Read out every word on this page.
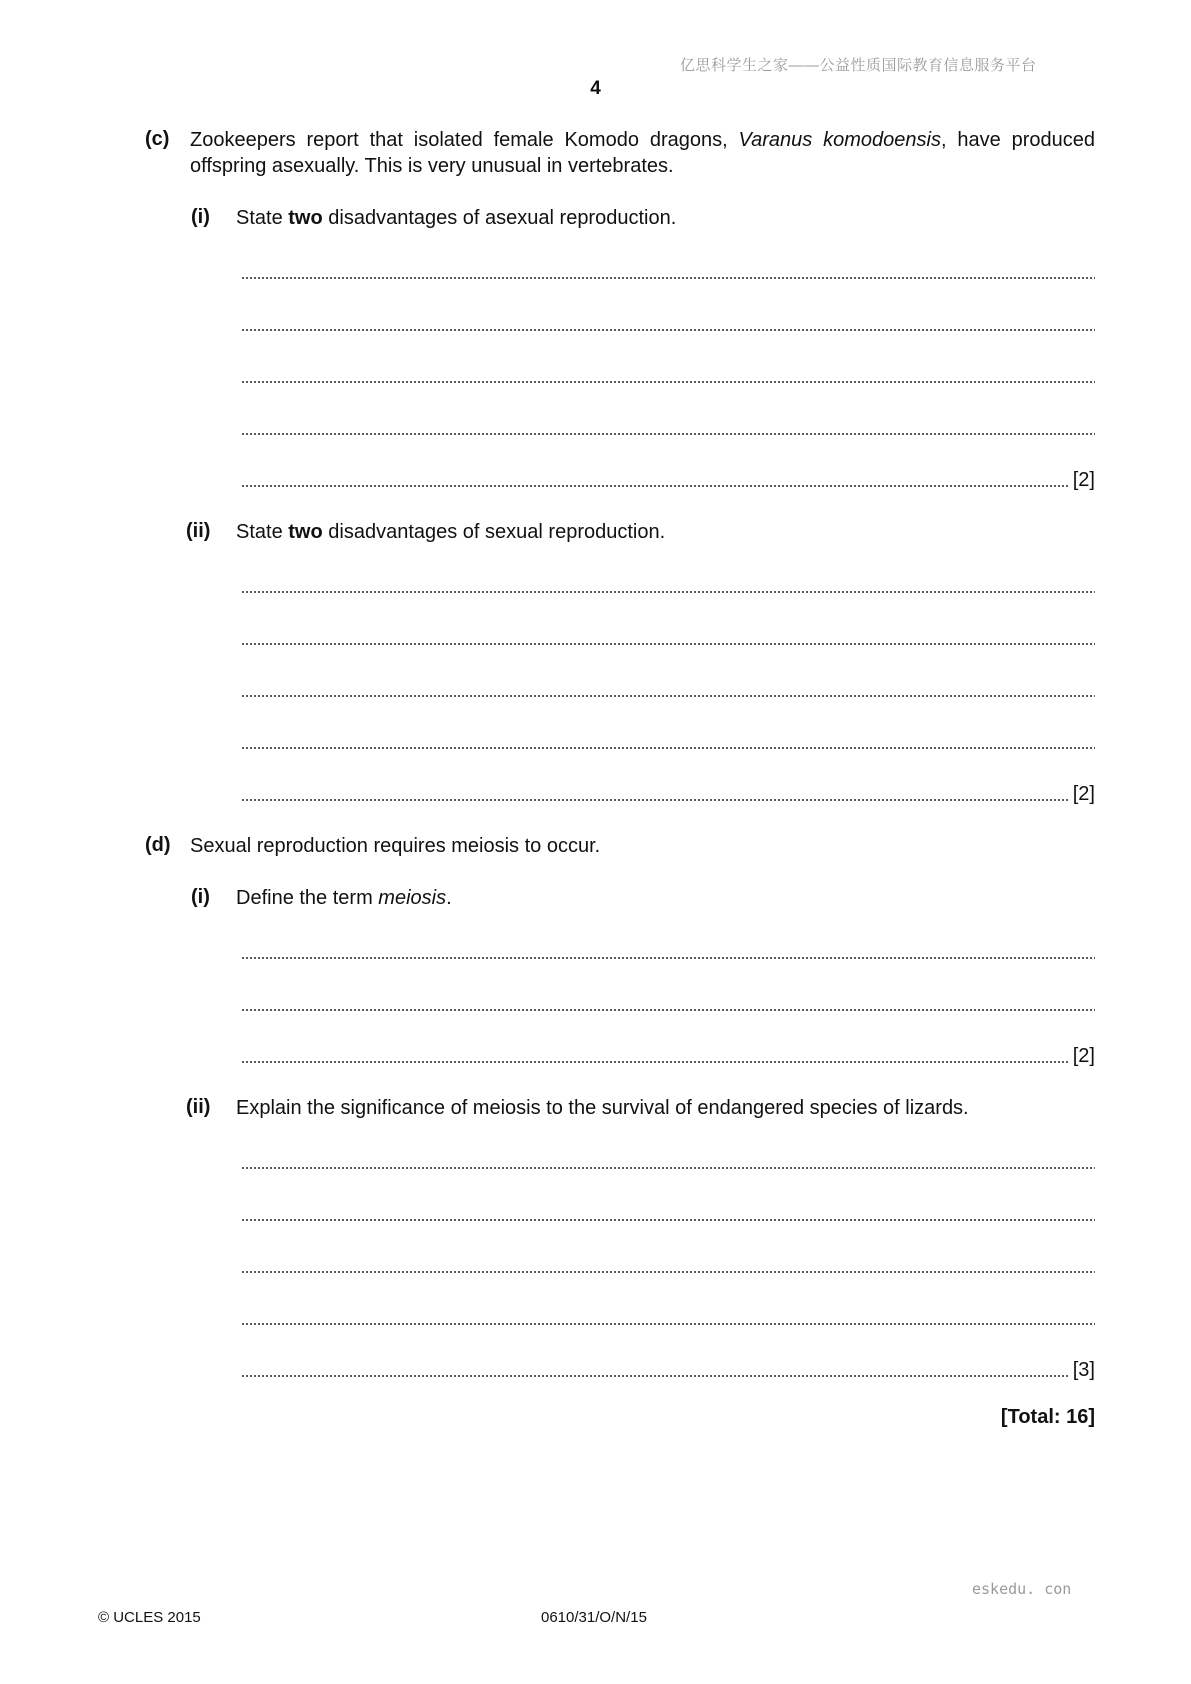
亿思科学生之家——公益性质国际教育信息服务平台
4
(c) Zookeepers report that isolated female Komodo dragons, Varanus komodoensis, have produced offspring asexually. This is very unusual in vertebrates.
(i) State two disadvantages of asexual reproduction.
[2]
(ii) State two disadvantages of sexual reproduction.
[2]
(d) Sexual reproduction requires meiosis to occur.
(i) Define the term meiosis.
[2]
(ii) Explain the significance of meiosis to the survival of endangered species of lizards.
[3]
[Total: 16]
eskedu. con
© UCLES 2015	0610/31/O/N/15
